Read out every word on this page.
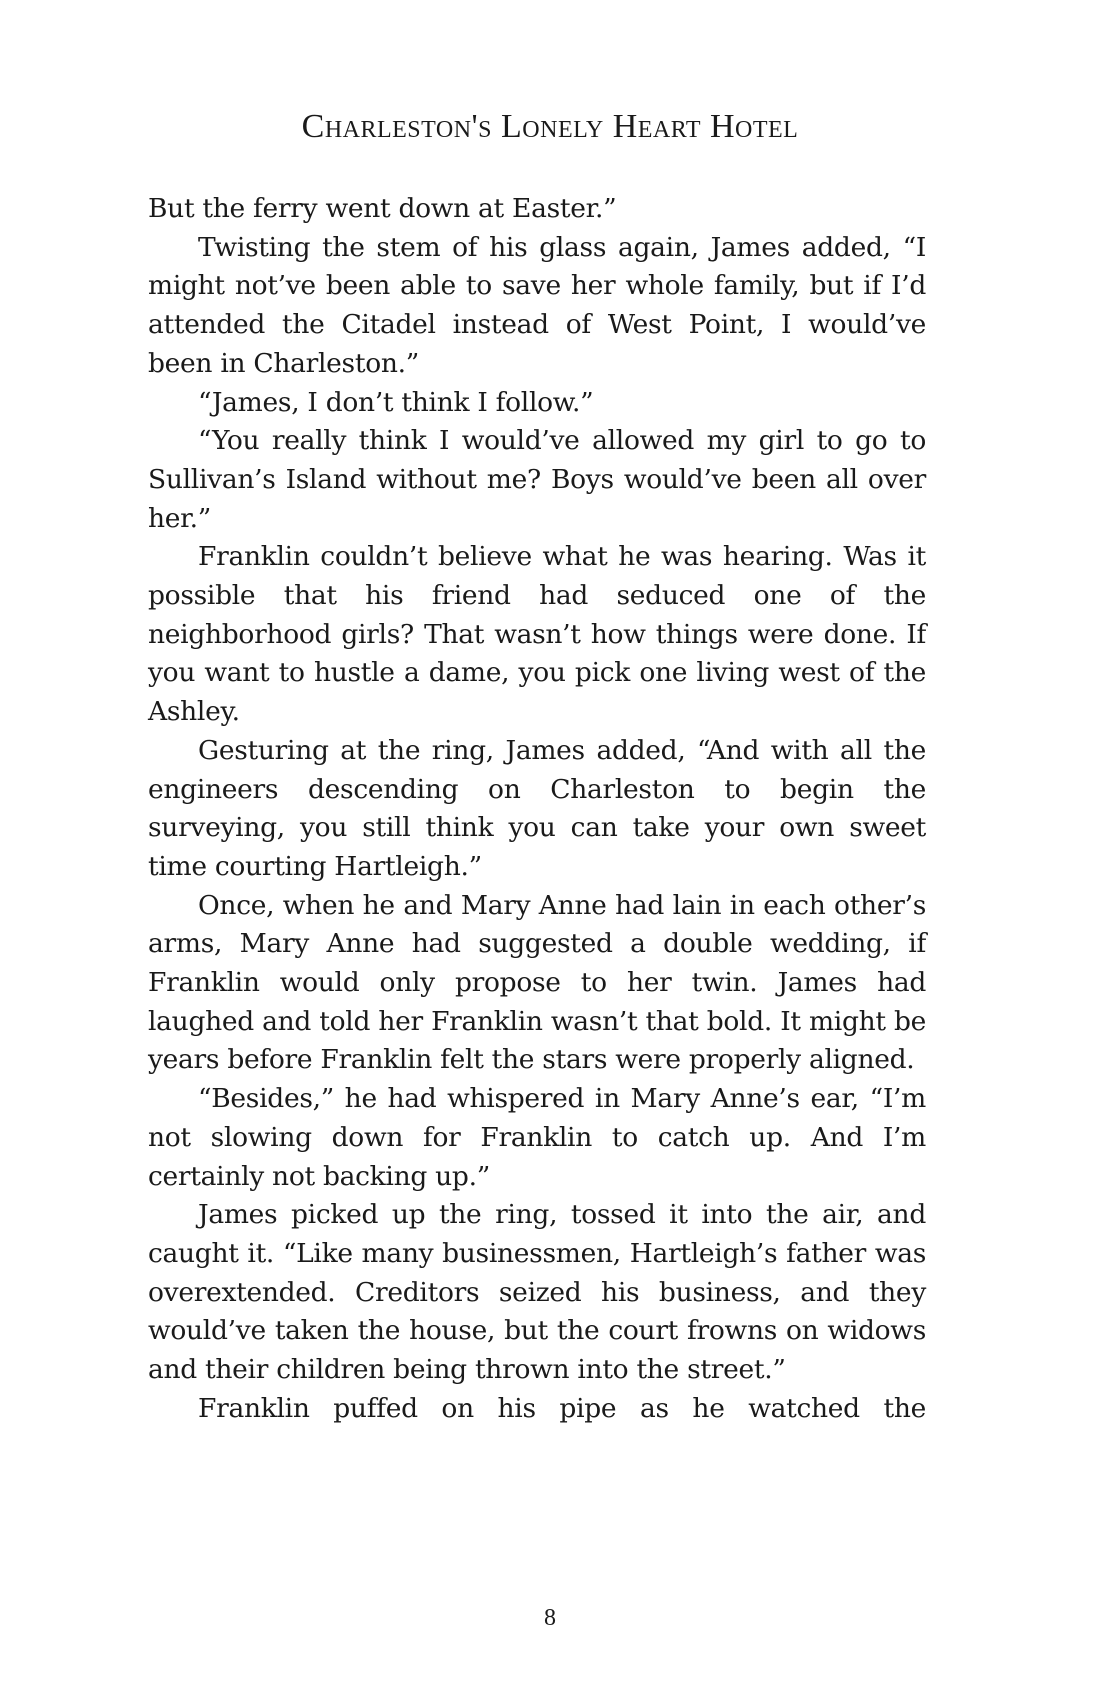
Charleston's Lonely Heart Hotel

But the ferry went down at Easter.”

Twisting the stem of his glass again, James added, “I might not’ve been able to save her whole family, but if I’d attended the Citadel instead of West Point, I would’ve been in Charleston.”

“James, I don’t think I follow.”

“You really think I would’ve allowed my girl to go to Sullivan’s Island without me? Boys would’ve been all over her.”

Franklin couldn’t believe what he was hearing. Was it possible that his friend had seduced one of the neighborhood girls? That wasn’t how things were done. If you want to hustle a dame, you pick one living west of the Ashley.

Gesturing at the ring, James added, “And with all the engineers descending on Charleston to begin the surveying, you still think you can take your own sweet time courting Hartleigh.”

Once, when he and Mary Anne had lain in each other’s arms, Mary Anne had suggested a double wedding, if Franklin would only propose to her twin. James had laughed and told her Franklin wasn’t that bold. It might be years before Franklin felt the stars were properly aligned.

“Besides,” he had whispered in Mary Anne’s ear, “I’m not slowing down for Franklin to catch up. And I’m certainly not backing up.”

James picked up the ring, tossed it into the air, and caught it. “Like many businessmen, Hartleigh’s father was overextended. Creditors seized his business, and they would’ve taken the house, but the court frowns on widows and their children being thrown into the street.”

Franklin puffed on his pipe as he watched the

8
